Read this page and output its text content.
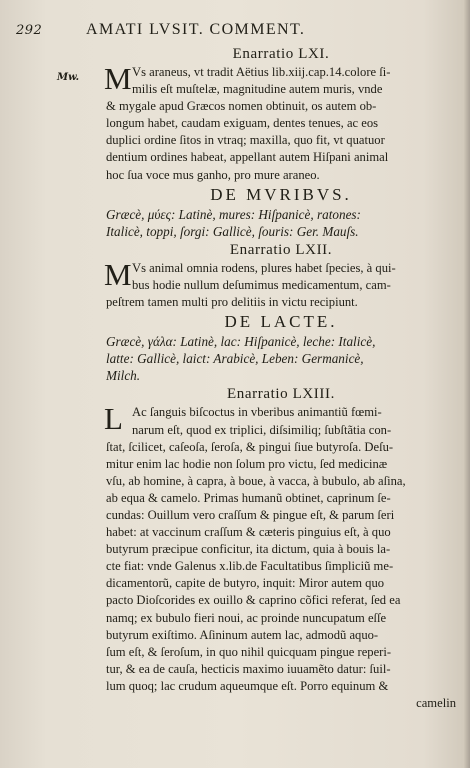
292	AMATI LVSIT. COMMENT.
Mw.
Enarratio LXI.
M Vs araneus, vt tradit Aëtius lib.xiij.cap.14.colore ſi-
milis eſt muſtelæ, magnitudine autem muris, vnde
& mygale apud Græcos nomen obtinuit, os autem ob-
longum habet, caudam exiguam, dentes tenues, ac eos
duplici ordine ſitos in vtraq; maxilla, quo fit, vt quatuor
dentium ordines habeat, appellant autem Hiſpani animal
hoc ſua voce mus ganho, pro mure araneo.
DE MVRIBVS.
Græcè, μύες: Latinè, mures: Hiſpanicè, ratones:
Italicè, toppi, ſorgi: Gallicè, ſouris: Ger. Mauſs.
Enarratio LXII.
M Vs animal omnia rodens, plures habet ſpecies, à qui-
bus hodie nullum deſumimus medicamentum, cam-
peſtrem tamen multi pro delitiis in victu recipiunt.
DE LACTE.
Græcè, γάλα: Latinè, lac: Hiſpanicè, leche: Italicè,
latte: Gallicè, laict: Arabicè, Leben: Germanicè,
Milch.
Enarratio LXIII.
L Ac ſanguis biſcoctus in vberibus animantiũ fœmi-
narum eſt, quod ex triplici, diſsimiliq; ſubſtãtia con-
ſtat, ſcilicet, caſeoſa, ſeroſa, & pingui ſiue butyroſa. Deſu-
mitur enim lac hodie non ſolum pro victu, ſed medicinæ
vſu, ab homine, à capra, à boue, à vacca, à bubulo, ab aſina,
ab equa & camelo. Primas humanũ obtinet, caprinum ſe-
cundas: Ouillum vero craſſum & pingue eſt, & parum ſeri
habet: at vaccinum craſſum & cæteris pinguius eſt, à quo
butyrum præcipue conficitur, ita dictum, quia à bouis la-
cte fiat: vnde Galenus x.lib.de Facultatibus ſimpliciũ me-
dicamentorũ, capite de butyro, inquit: Miror autem quo
pacto Dioſcorides ex ouillo & caprino cõfici referat, ſed ea
namq; ex bubulo fieri noui, ac proinde nuncupatum eſſe
butyrum exiſtimo. Aſininum autem lac, admodũ aquo-
ſum eſt, & ſeroſum, in quo nihil quicquam pingue reperi-
tur, & ea de cauſa, hecticis maximo iuuamẽto datur: ſuil-
lum quoq; lac crudum aqueumque eſt. Porro equinum &
camelin
